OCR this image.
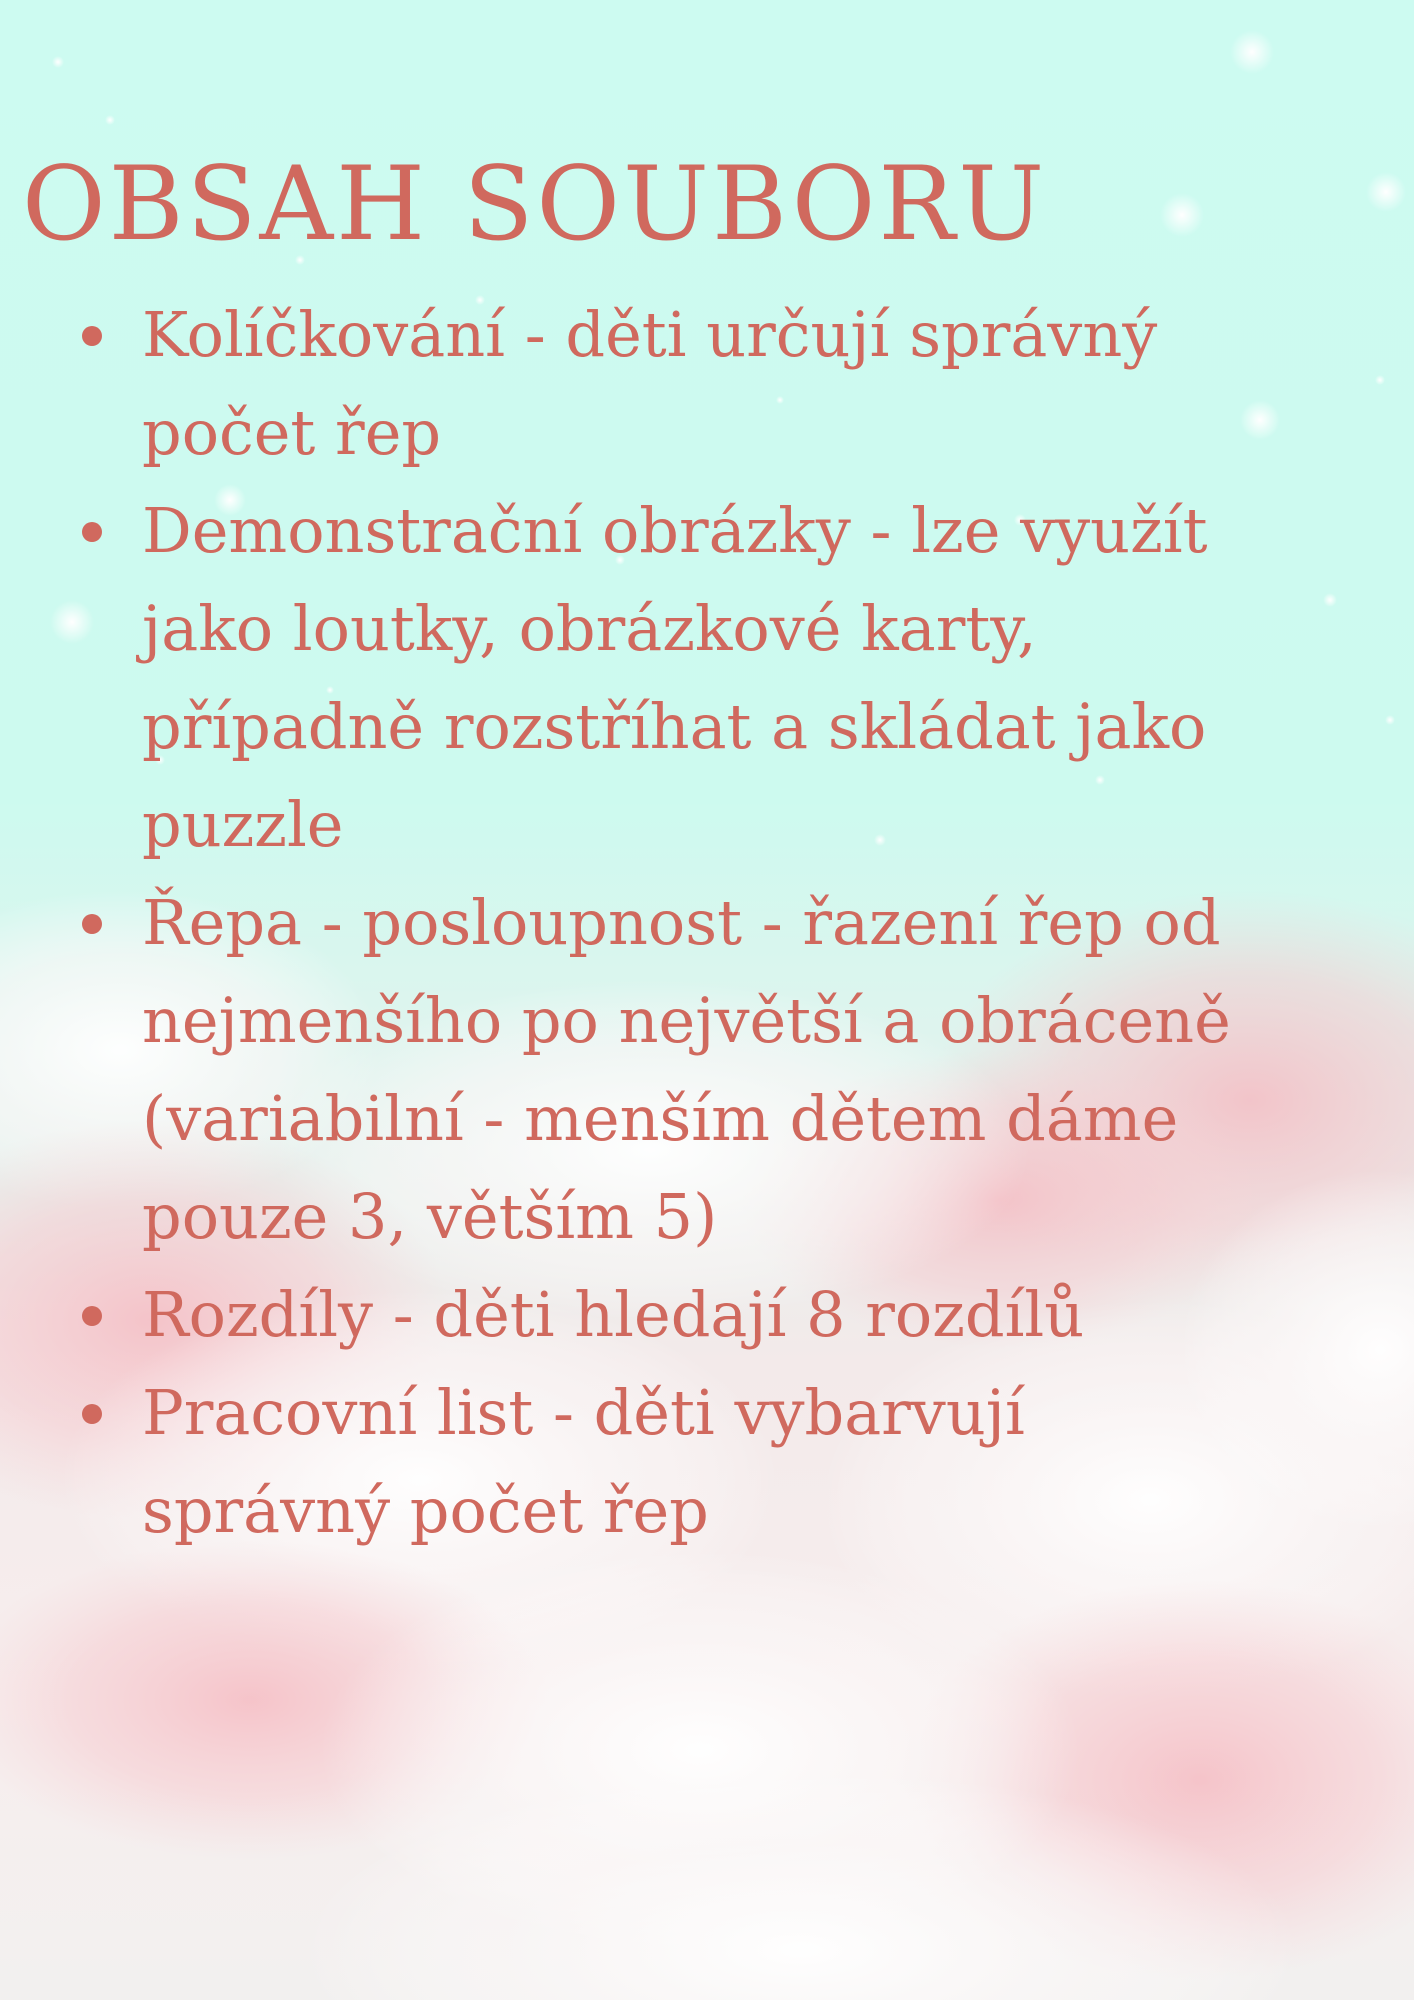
OBSAH SOUBORU
Kolíčkování - děti určují správný
počet řep
Demonstrační obrázky - lze využít
jako loutky, obrázkové karty,
případně rozstříhat a skládat jako
puzzle
Řepa - posloupnost - řazení řep od
nejmenšího po největší a obráceně
(variabilní - menším dětem dáme
pouze 3, větším 5)
Rozdíly - děti hledají 8 rozdílů
Pracovní list - děti vybarvují
správný počet řep
